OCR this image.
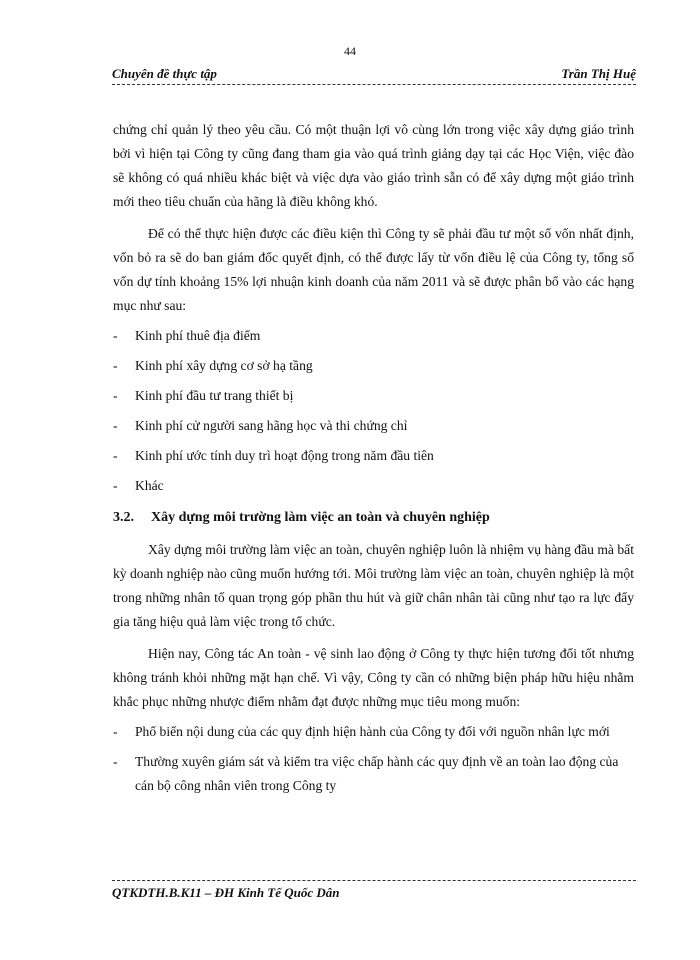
44
Chuyên đề thực tập	Trần Thị Huệ

chứng chỉ quản lý theo yêu cầu. Có một thuận lợi vô cùng lớn trong việc xây dựng giáo trình bởi vì hiện tại Công ty cũng đang tham gia vào quá trình giảng dạy tại các Học Viện, việc đào sẽ không có quá nhiều khác biệt và việc dựa vào giáo trình sẵn có để xây dựng một giáo trình mới theo tiêu chuẩn của hãng là điều không khó.

Để có thể thực hiện được các điều kiện thì Công ty sẽ phải đầu tư một số vốn nhất định, vốn bỏ ra sẽ do ban giám đốc quyết định, có thể được lấy từ vốn điều lệ của Công ty, tổng số vốn dự tính khoảng 15% lợi nhuận kinh doanh của năm 2011 và sẽ được phân bổ vào các hạng mục như sau:

- Kinh phí thuê địa điểm
- Kinh phí xây dựng cơ sở hạ tầng
- Kinh phí đầu tư trang thiết bị
- Kinh phí cử người sang hãng học và thi chứng chỉ
- Kinh phí ước tính duy trì hoạt động trong năm đầu tiên
- Khác
3.2. Xây dựng môi trường làm việc an toàn và chuyên nghiệp

Xây dựng môi trường làm việc an toàn, chuyên nghiệp luôn là nhiệm vụ hàng đầu mà bất kỳ doanh nghiệp nào cũng muốn hướng tới. Môi trường làm việc an toàn, chuyên nghiệp là một trong những nhân tố quan trọng góp phần thu hút và giữ chân nhân tài cũng như tạo ra lực đẩy gia tăng hiệu quả làm việc trong tổ chức.

Hiện nay, Công tác An toàn - vệ sinh lao động ở Công ty thực hiện tương đối tốt nhưng không tránh khỏi những mặt hạn chế. Vì vậy, Công ty cần có những biện pháp hữu hiệu nhằm khắc phục những nhược điểm nhằm đạt được những mục tiêu mong muốn:

- Phổ biến nội dung của các quy định hiện hành của Công ty đối với nguồn nhân lực mới
- Thường xuyên giám sát và kiểm tra việc chấp hành các quy định về an toàn lao động của cán bộ công nhân viên trong Công ty
QTKDTH.B.K11 – ĐH Kinh Tế Quốc Dân
